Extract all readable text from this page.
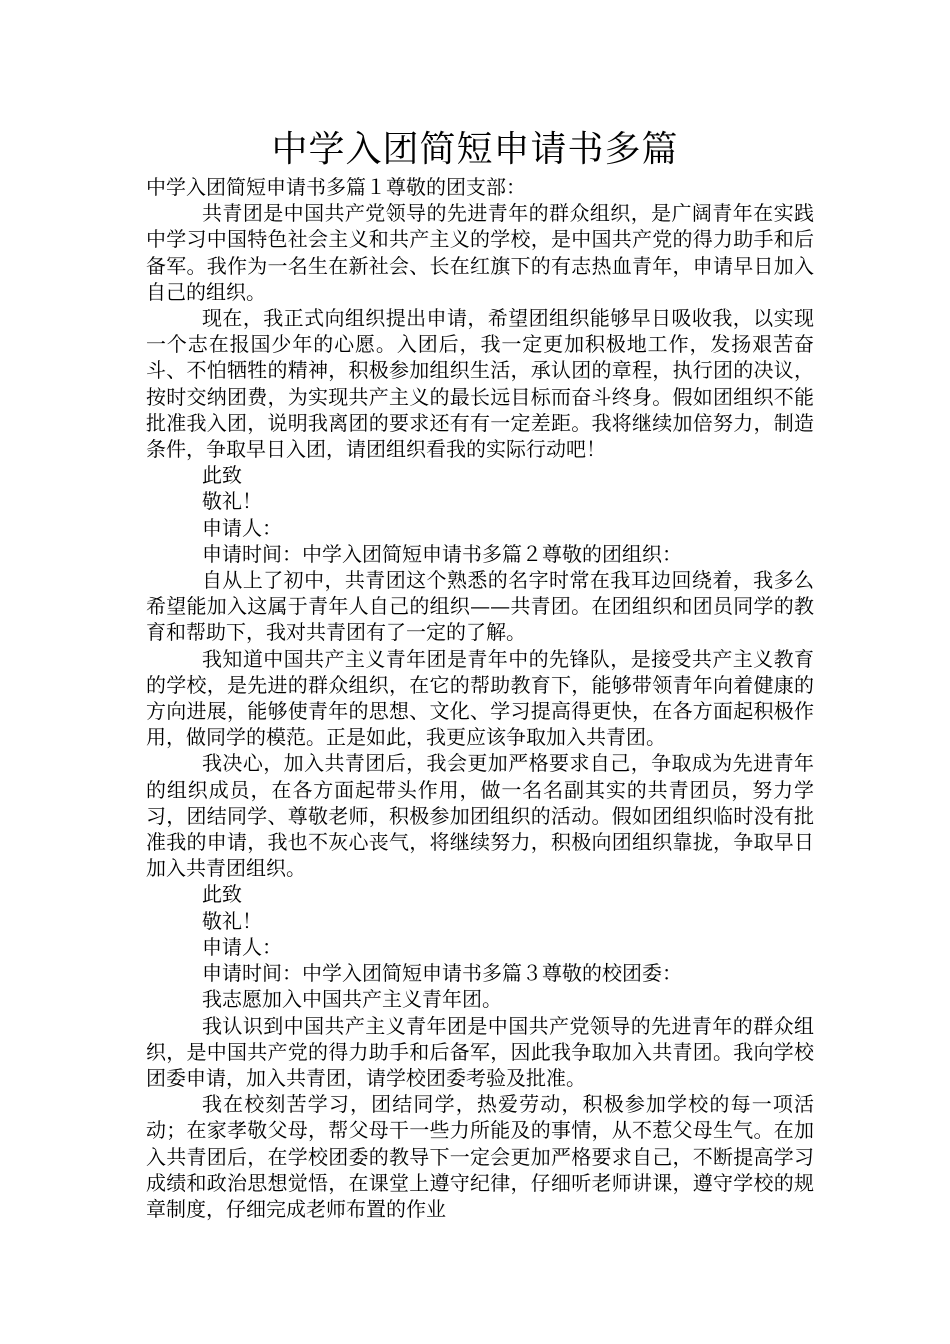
中学入团简短申请书多篇

中学入团简短申请书多篇１尊敬的团支部：

共青团是中国共产党领导的先进青年的群众组织，是广阔青年在实践中学习中国特色社会主义和共产主义的学校，是中国共产党的得力助手和后备军。我作为一名生在新社会、长在红旗下的有志热血青年，申请早日加入自己的组织。

现在，我正式向组织提出申请，希望团组织能够早日吸收我，以实现一个志在报国少年的心愿。入团后，我一定更加积极地工作，发扬艰苦奋斗、不怕牺牲的精神，积极参加组织生活，承认团的章程，执行团的决议，按时交纳团费，为实现共产主义的最长远目标而奋斗终身。假如团组织不能批准我入团，说明我离团的要求还有有一定差距。我将继续加倍努力，制造条件，争取早日入团，请团组织看我的实际行动吧！

此致

敬礼！

申请人：

申请时间：中学入团简短申请书多篇２尊敬的团组织：

自从上了初中，共青团这个熟悉的名字时常在我耳边回绕着，我多么希望能加入这属于青年人自己的组织——共青团。在团组织和团员同学的教育和帮助下，我对共青团有了一定的了解。

我知道中国共产主义青年团是青年中的先锋队，是接受共产主义教育的学校，是先进的群众组织，在它的帮助教育下，能够带领青年向着健康的方向进展，能够使青年的思想、文化、学习提高得更快，在各方面起积极作用，做同学的模范。正是如此，我更应该争取加入共青团。

我决心，加入共青团后，我会更加严格要求自己，争取成为先进青年的组织成员，在各方面起带头作用，做一名名副其实的共青团员，努力学习，团结同学、尊敬老师，积极参加团组织的活动。假如团组织临时没有批准我的申请，我也不灰心丧气，将继续努力，积极向团组织靠拢，争取早日加入共青团组织。

此致

敬礼！

申请人：

申请时间：中学入团简短申请书多篇３尊敬的校团委：

我志愿加入中国共产主义青年团。

我认识到中国共产主义青年团是中国共产党领导的先进青年的群众组织，是中国共产党的得力助手和后备军，因此我争取加入共青团。我向学校团委申请，加入共青团，请学校团委考验及批准。

我在校刻苦学习，团结同学，热爱劳动，积极参加学校的每一项活动；在家孝敬父母，帮父母干一些力所能及的事情，从不惹父母生气。在加入共青团后，在学校团委的教导下一定会更加严格要求自己，不断提高学习成绩和政治思想觉悟，在课堂上遵守纪律，仔细听老师讲课，遵守学校的规章制度，仔细完成老师布置的作业
